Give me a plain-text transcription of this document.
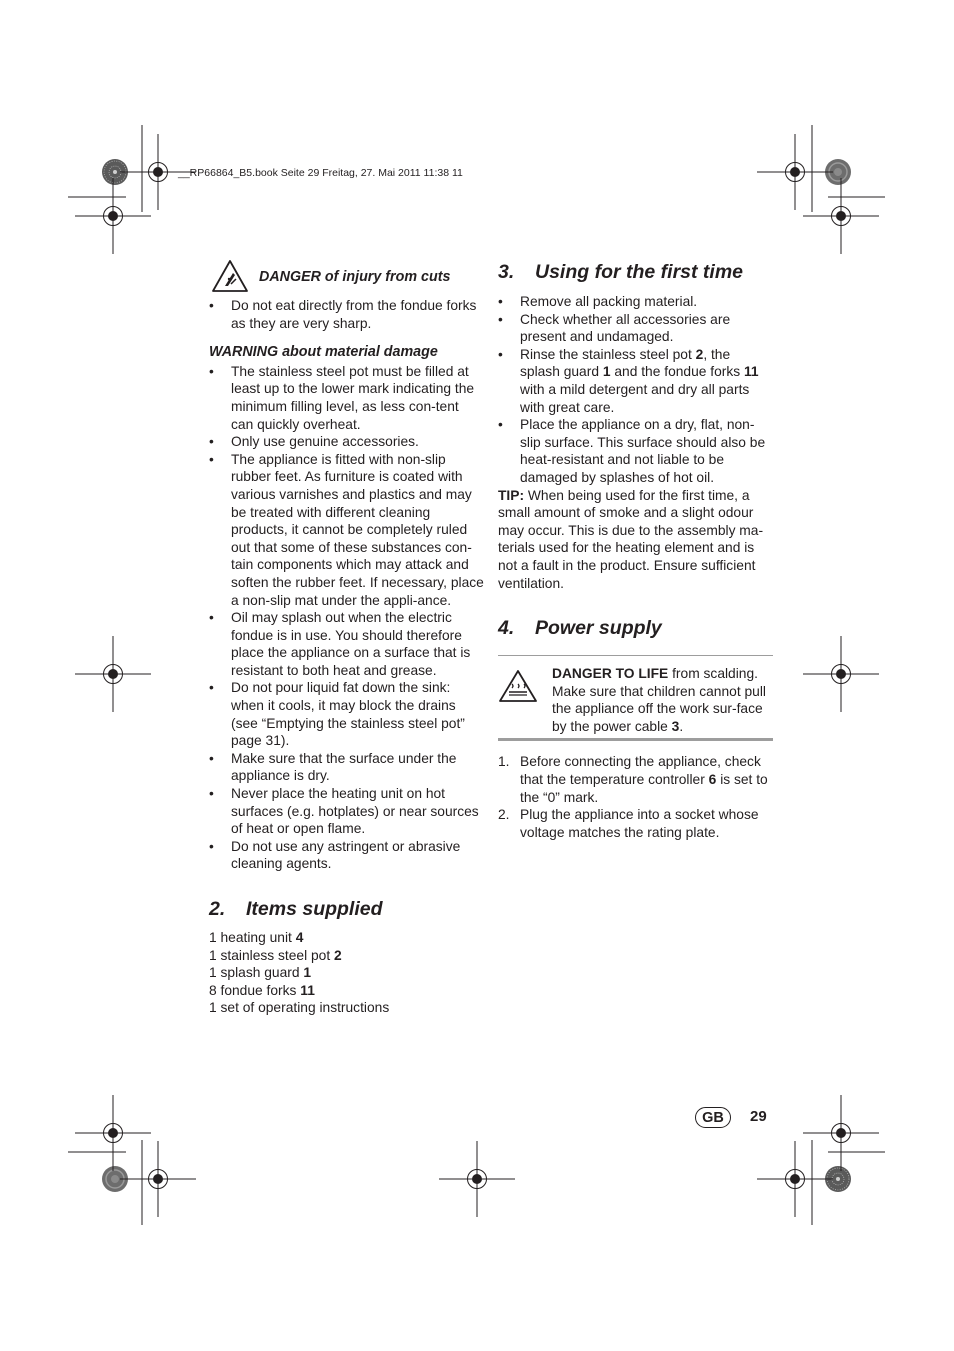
__RP66864_B5.book Seite 29 Freitag, 27. Mai 2011 11:38 11
DANGER of injury from cuts
• Do not eat directly from the fondue forks as they are very sharp.
WARNING about material damage
• The stainless steel pot must be filled at least up to the lower mark indicating the minimum filling level, as less con-tent can quickly overheat.
• Only use genuine accessories.
• The appliance is fitted with non-slip rubber feet. As furniture is coated with various varnishes and plastics and may be treated with different cleaning products, it cannot be completely ruled out that some of these substances con-tain components which may attack and soften the rubber feet. If necessary, place a non-slip mat under the appli-ance.
• Oil may splash out when the electric fondue is in use. You should therefore place the appliance on a surface that is resistant to both heat and grease.
• Do not pour liquid fat down the sink: when it cools, it may block the drains (see “Emptying the stainless steel pot” page 31).
• Make sure that the surface under the appliance is dry.
• Never place the heating unit on hot surfaces (e.g. hotplates) or near sources of heat or open flame.
• Do not use any astringent or abrasive cleaning agents.
2.	Items supplied
1 heating unit 4
1 stainless steel pot 2
1 splash guard 1
8 fondue forks 11
1 set of operating instructions
3.	Using for the first time
• Remove all packing material.
• Check whether all accessories are present and undamaged.
• Rinse the stainless steel pot 2, the splash guard 1 and the fondue forks 11 with a mild detergent and dry all parts with great care.
• Place the appliance on a dry, flat, non-slip surface. This surface should also be heat-resistant and not liable to be damaged by splashes of hot oil.
TIP: When being used for the first time, a small amount of smoke and a slight odour may occur. This is due to the assembly ma-terials used for the heating element and is not a fault in the product. Ensure sufficient ventilation.
4.	Power supply
DANGER TO LIFE from scalding. Make sure that children cannot pull the appliance off the work sur-face by the power cable 3.
1. Before connecting the appliance, check that the temperature controller 6 is set to the “0” mark.
2. Plug the appliance into a socket whose voltage matches the rating plate.
GB	29
